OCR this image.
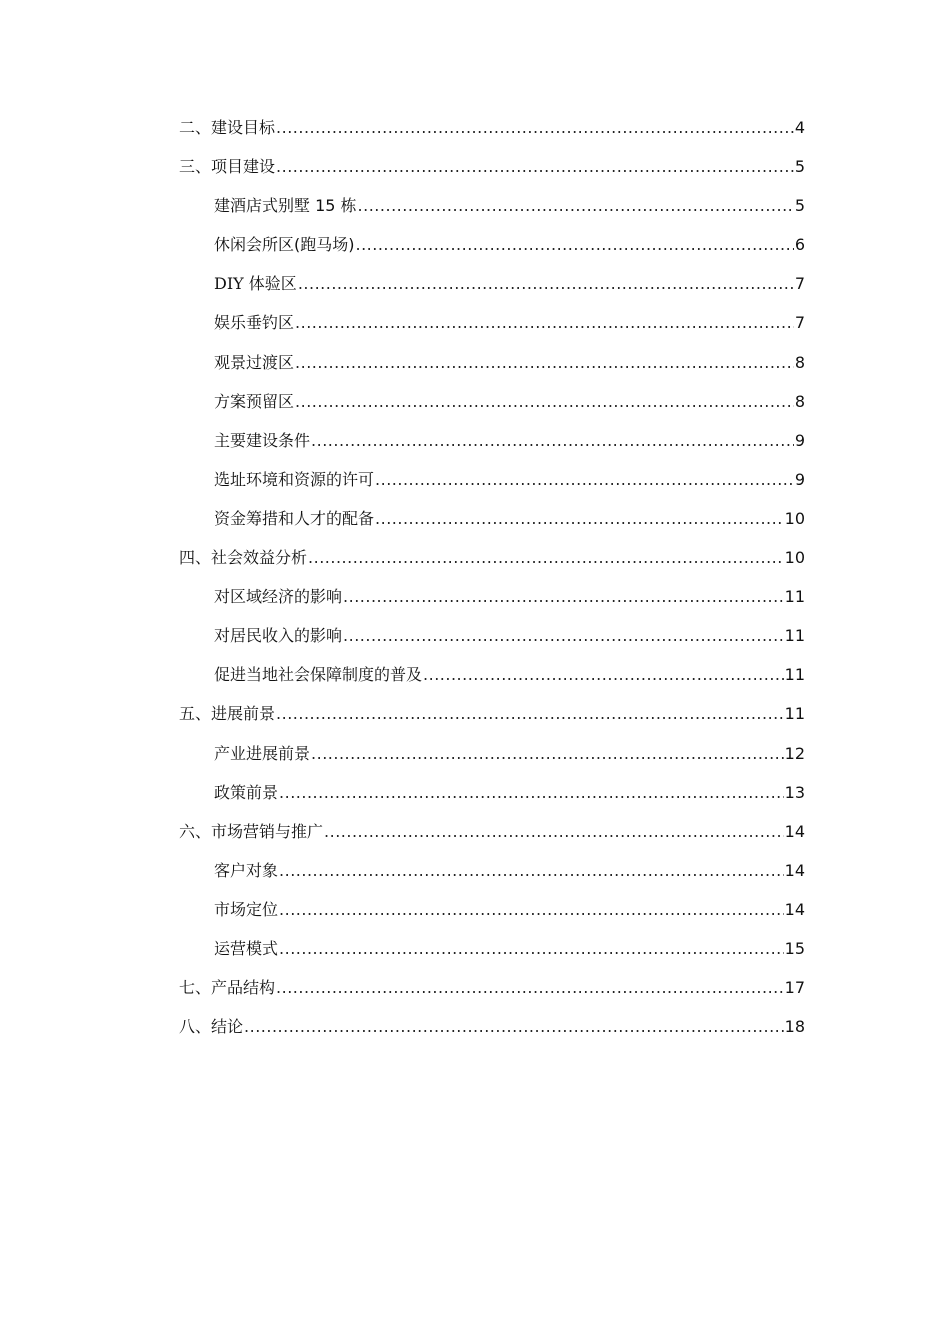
二、建设目标 .....	4
三、项目建设 .....	5
建酒店式别墅 15 栋 .....	5
休闲会所区(跑马场) .....	6
DIY 体验区 .....	7
娱乐垂钓区 .....	7
观景过渡区 .....	8
方案预留区 .....	8
主要建设条件 .....	9
选址环境和资源的许可 .....	9
资金筹措和人才的配备 .....	10
四、社会效益分析 .....	10
对区域经济的影响 .....	11
对居民收入的影响 .....	11
促进当地社会保障制度的普及 .....	11
五、进展前景 .....	11
产业进展前景 .....	12
政策前景 .....	13
六、市场营销与推广 .....	14
客户对象 .....	14
市场定位 .....	14
运营模式 .....	15
七、产品结构 .....	17
八、结论 .....	18
